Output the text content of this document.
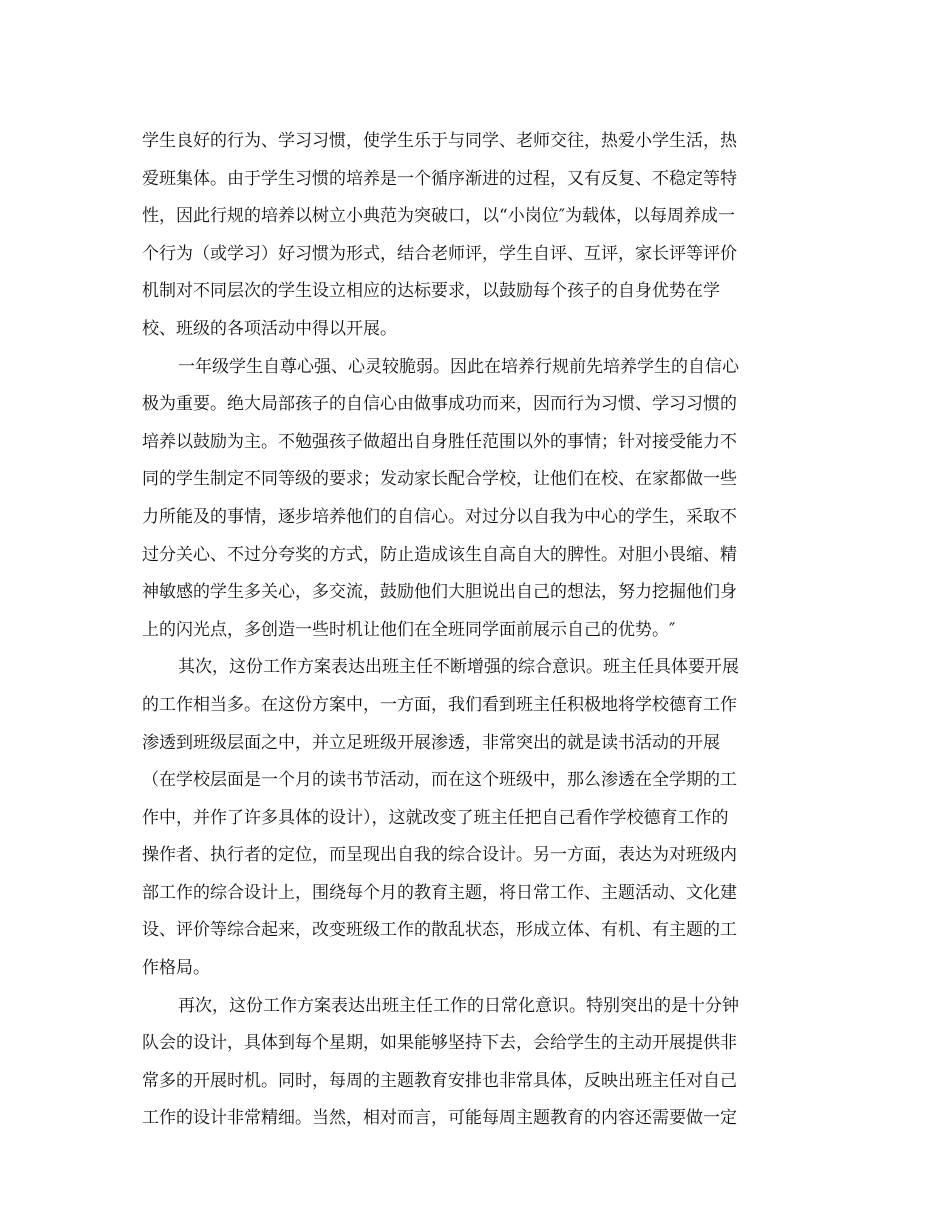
学生良好的行为、学习习惯，使学生乐于与同学、老师交往，热爱小学生活，热
爱班集体。由于学生习惯的培养是一个循序渐进的过程，又有反复、不稳定等特
性，因此行规的培养以树立小典范为突破口，以“小岗位″为载体，以每周养成一
个行为（或学习）好习惯为形式，结合老师评，学生自评、互评，家长评等评价
机制对不同层次的学生设立相应的达标要求，以鼓励每个孩子的自身优势在学
校、班级的各项活动中得以开展。
一年级学生自尊心强、心灵较脆弱。因此在培养行规前先培养学生的自信心
极为重要。绝大局部孩子的自信心由做事成功而来，因而行为习惯、学习习惯的
培养以鼓励为主。不勉强孩子做超出自身胜任范围以外的事情；针对接受能力不
同的学生制定不同等级的要求；发动家长配合学校，让他们在校、在家都做一些
力所能及的事情，逐步培养他们的自信心。对过分以自我为中心的学生，采取不
过分关心、不过分夸奖的方式，防止造成该生自高自大的脾性。对胆小畏缩、精
神敏感的学生多关心，多交流，鼓励他们大胆说出自己的想法，努力挖掘他们身
上的闪光点，多创造一些时机让他们在全班同学面前展示自己的优势。″
其次，这份工作方案表达出班主任不断增强的综合意识。班主任具体要开展
的工作相当多。在这份方案中，一方面，我们看到班主任积极地将学校德育工作
渗透到班级层面之中，并立足班级开展渗透，非常突出的就是读书活动的开展
（在学校层面是一个月的读书节活动，而在这个班级中，那么渗透在全学期的工
作中，并作了许多具体的设计），这就改变了班主任把自己看作学校德育工作的
操作者、执行者的定位，而呈现出自我的综合设计。另一方面，表达为对班级内
部工作的综合设计上，围绕每个月的教育主题，将日常工作、主题活动、文化建
设、评价等综合起来，改变班级工作的散乱状态，形成立体、有机、有主题的工
作格局。
再次，这份工作方案表达出班主任工作的日常化意识。特别突出的是十分钟
队会的设计，具体到每个星期，如果能够坚持下去，会给学生的主动开展提供非
常多的开展时机。同时，每周的主题教育安排也非常具体，反映出班主任对自己
工作的设计非常精细。当然，相对而言，可能每周主题教育的内容还需要做一定
